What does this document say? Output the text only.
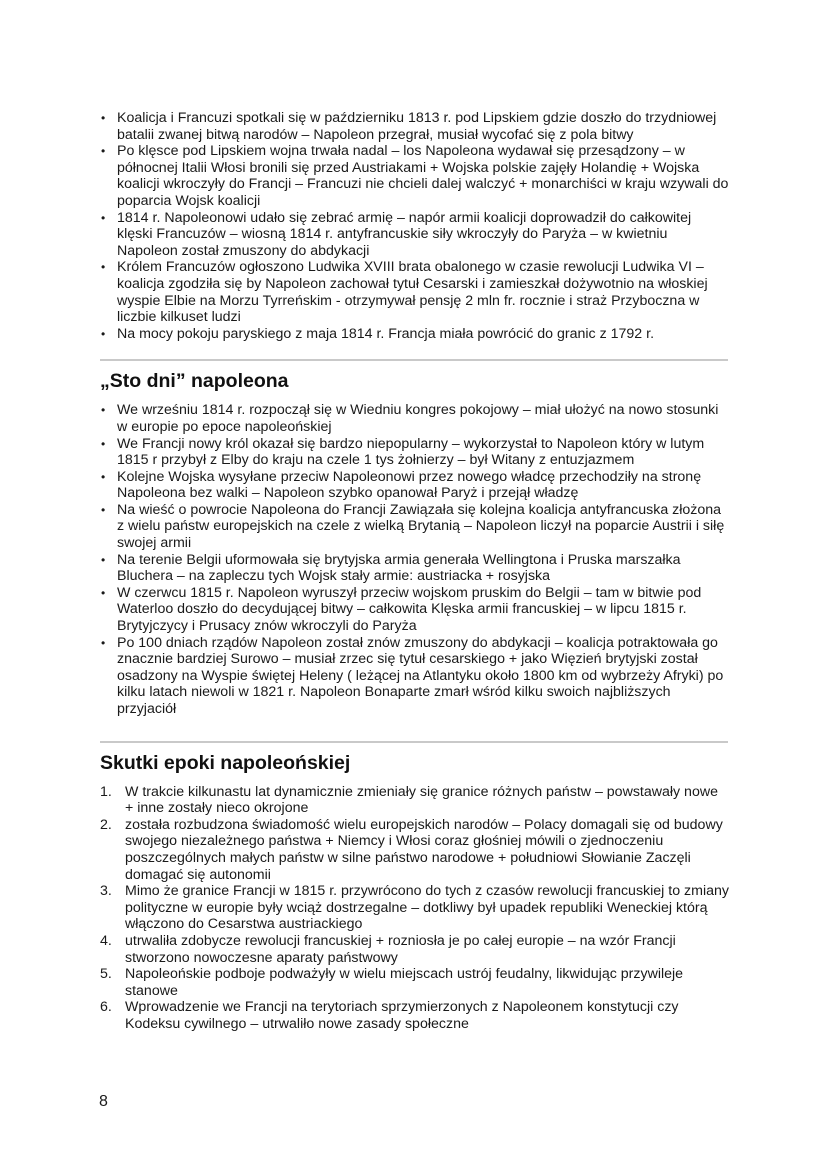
• Koalicja i Francuzi spotkali się w październiku 1813 r. pod Lipskiem gdzie doszło do trzydniowej batalii zwanej bitwą narodów – Napoleon przegrał, musiał wycofać się z pola bitwy
• Po klęsce pod Lipskiem wojna trwała nadal – los Napoleona wydawał się przesądzony – w północnej Italii Włosi bronili się przed Austriakami + Wojska polskie zajęły Holandię + Wojska koalicji wkroczyły do Francji – Francuzi nie chcieli dalej walczyć + monarchiści w kraju wzywali do poparcia Wojsk koalicji
• 1814 r. Napoleonowi udało się zebrać armię – napór armii koalicji doprowadził do całkowitej klęski Francuzów – wiosną 1814 r. antyfrancuskie siły wkroczyły do Paryża – w kwietniu Napoleon został zmuszony do abdykacji
• Królem Francuzów ogłoszono Ludwika XVIII brata obalonego w czasie rewolucji Ludwika VI – koalicja zgodziła się by Napoleon zachował tytuł Cesarski i zamieszkał dożywotnio na włoskiej wyspie Elbie na Morzu Tyrreńskim - otrzymywał pensję 2 mln fr. rocznie i straż Przyboczna w liczbie kilkuset ludzi
• Na mocy pokoju paryskiego z maja 1814 r. Francja miała powrócić do granic z 1792 r.
„Sto dni” napoleona
• We wrześniu 1814 r. rozpoczął się w Wiedniu kongres pokojowy – miał ułożyć na nowo stosunki w europie po epoce napoleońskiej
• We Francji nowy król okazał się bardzo niepopularny – wykorzystał to Napoleon który w lutym 1815 r przybył z Elby do kraju na czele 1 tys żołnierzy – był Witany z entuzjazmem
• Kolejne Wojska wysyłane przeciw Napoleonowi przez nowego władcę przechodziły na stronę Napoleona bez walki – Napoleon szybko opanował Paryż i przejął władzę
• Na wieść o powrocie Napoleona do Francji Zawiązała się kolejna koalicja antyfrancuska złożona z wielu państw europejskich na czele z wielką Brytanią – Napoleon liczył na poparcie Austrii i siłę swojej armii
• Na terenie Belgii uformowała się brytyjska armia generała Wellingtona i Pruska marszałka Bluchera – na zapleczu tych Wojsk stały armie: austriacka + rosyjska
• W czerwcu 1815 r. Napoleon wyruszył przeciw wojskom pruskim do Belgii – tam w bitwie pod Waterloo doszło do decydującej bitwy – całkowita Klęska armii francuskiej – w lipcu 1815 r. Brytyjczycy i Prusacy znów wkroczyli do Paryża
• Po 100 dniach rządów Napoleon został znów zmuszony do abdykacji – koalicja potraktowała go znacznie bardziej Surowo – musiał zrzec się tytuł cesarskiego + jako Więzień brytyjski został osadzony na Wyspie świętej Heleny ( leżącej na Atlantyku około 1800 km od wybrzeży Afryki) po kilku latach niewoli w 1821 r. Napoleon Bonaparte zmarł wśród kilku swoich najbliższych przyjaciół
Skutki epoki napoleońskiej
1. W trakcie kilkunastu lat dynamicznie zmieniały się granice różnych państw – powstawały nowe + inne zostały nieco okrojone
2. została rozbudzona świadomość wielu europejskich narodów – Polacy domagali się od budowy swojego niezależnego państwa + Niemcy i Włosi coraz głośniej mówili o zjednoczeniu poszczególnych małych państw w silne państwo narodowe + południowi Słowianie Zaczęli domagać się autonomii
3. Mimo że granice Francji w 1815 r. przywrócono do tych z czasów rewolucji francuskiej to zmiany polityczne w europie były wciąż dostrzegalne – dotkliwy był upadek republiki Weneckiej którą włączono do Cesarstwa austriackiego
4. utrwaliła zdobycze rewolucji francuskiej + rozniosła je po całej europie – na wzór Francji stworzono nowoczesne aparaty państwowy
5. Napoleońskie podboje podważyły w wielu miejscach ustrój feudalny, likwidując przywileje stanowe
6. Wprowadzenie we Francji na terytoriach sprzymierzonych z Napoleonem konstytucji czy Kodeksu cywilnego – utrwaliło nowe zasady społeczne
8
